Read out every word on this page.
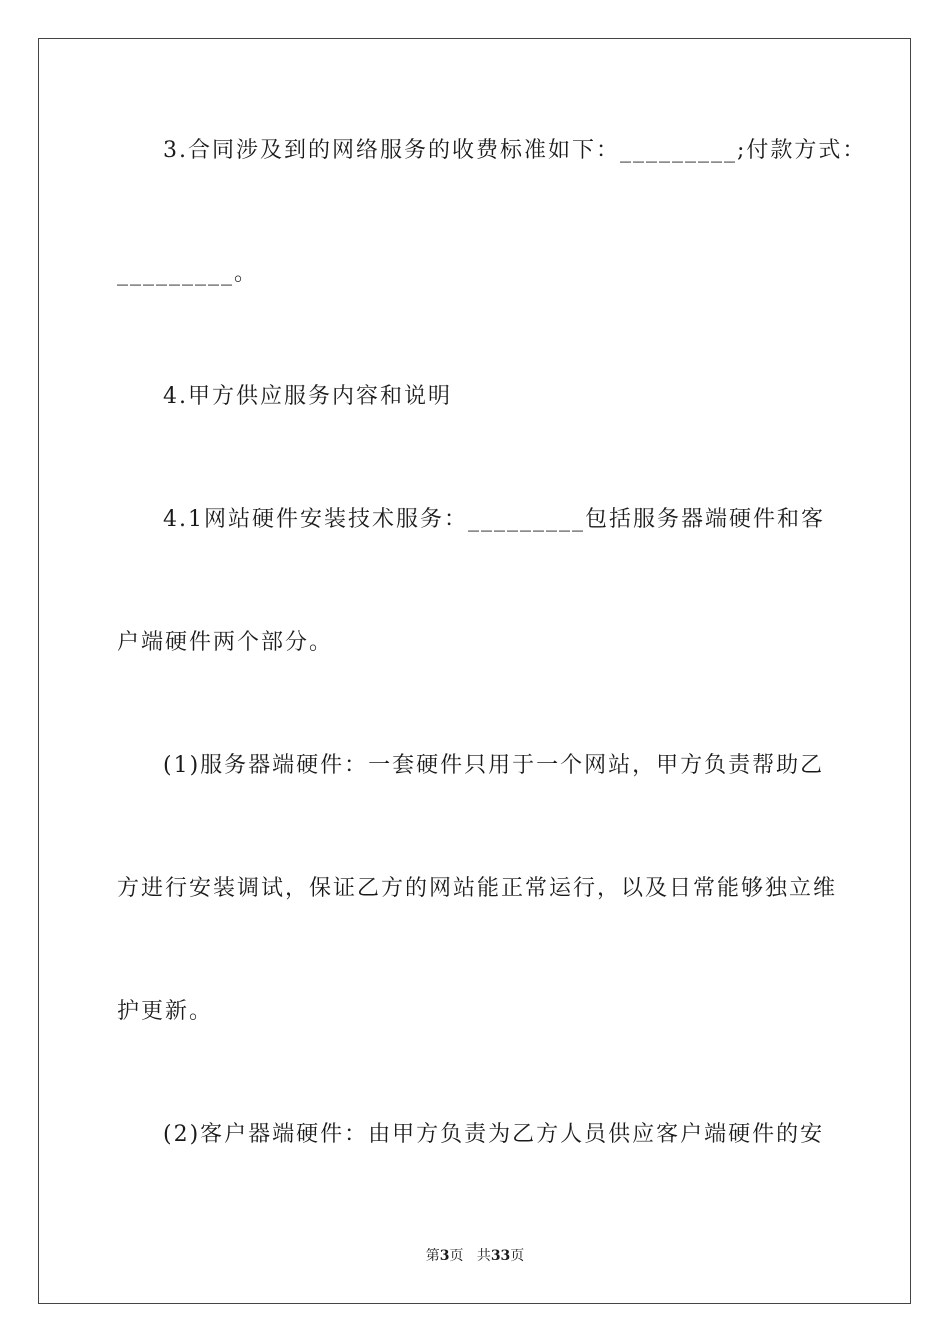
3.合同涉及到的网络服务的收费标准如下：_________;付款方式：
_________。
4.甲方供应服务内容和说明
4.1网站硬件安装技术服务：_________包括服务器端硬件和客
户端硬件两个部分。
(1)服务器端硬件：一套硬件只用于一个网站，甲方负责帮助乙
方进行安装调试，保证乙方的网站能正常运行，以及日常能够独立维
护更新。
(2)客户器端硬件：由甲方负责为乙方人员供应客户端硬件的安
第3页 共33页
